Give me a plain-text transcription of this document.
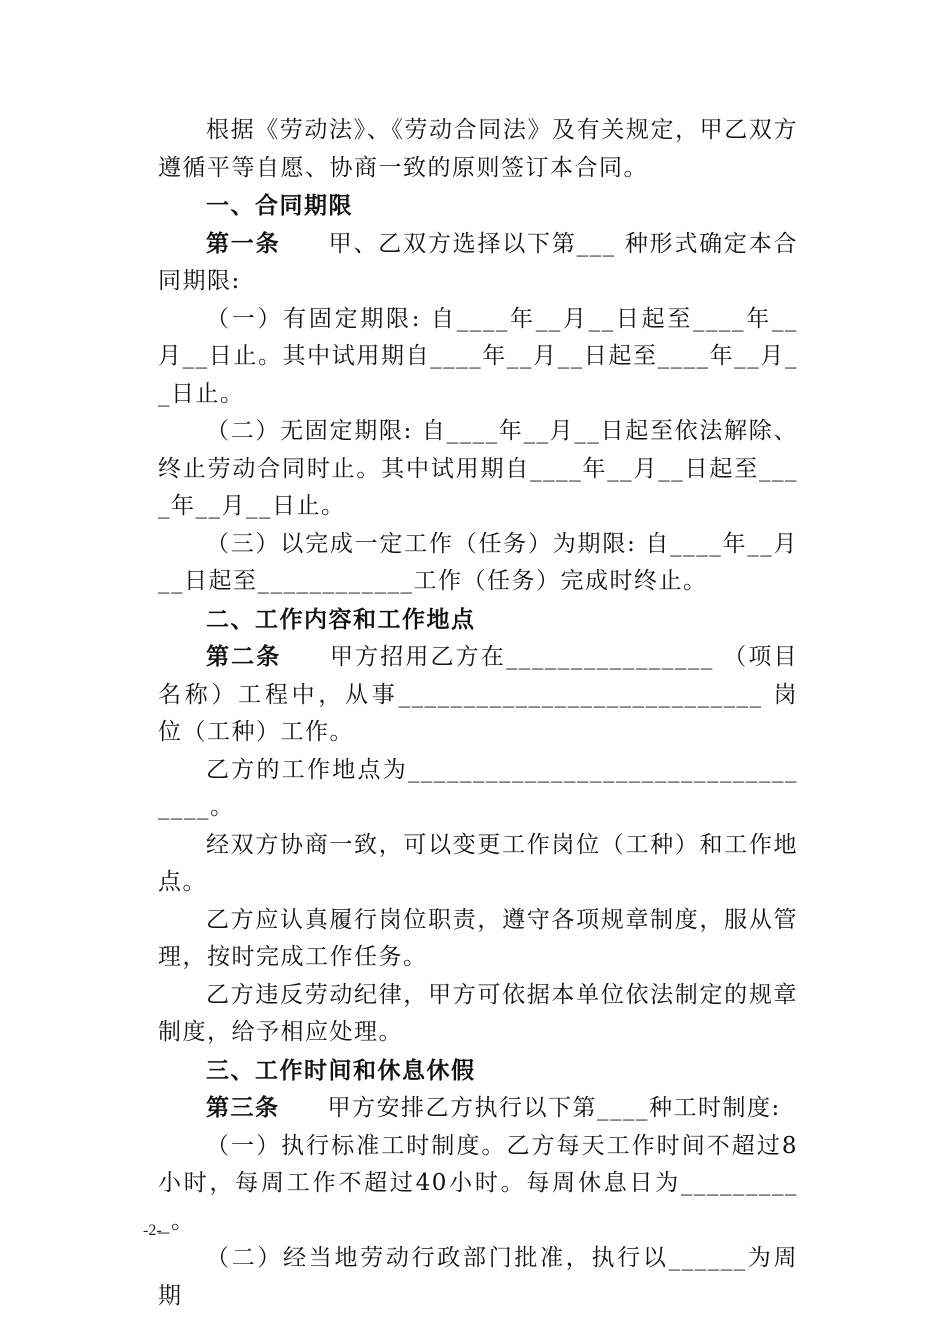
根据《劳动法》、《劳动合同法》及有关规定，甲乙双方遵循平等自愿、协商一致的原则签订本合同。

一、合同期限

第一条 甲、乙双方选择以下第___ 种形式确定本合同期限:

（一）有固定期限: 自____年__月__日起至____年__月__日止。其中试用期自____年__月__日起至____年__月__日止。

（二）无固定期限: 自____年__月__日起至依法解除、终止劳动合同时止。其中试用期自____年__月__日起至____年__月__日止。

（三）以完成一定工作（任务）为期限: 自____年__月__日起至____________工作（任务）完成时终止。

二、工作内容和工作地点

第二条 甲方招用乙方在________________ （项目名称）工程中，从事____________________________ 岗位（工种）工作。

乙方的工作地点为__________________________________。

经双方协商一致，可以变更工作岗位（工种）和工作地点。

乙方应认真履行岗位职责，遵守各项规章制度，服从管理，按时完成工作任务。

乙方违反劳动纪律，甲方可依据本单位依法制定的规章制度，给予相应处理。

三、工作时间和休息休假

第三条 甲方安排乙方执行以下第____种工时制度:

（一）执行标准工时制度。乙方每天工作时间不超过8小时，每周工作不超过40小时。每周休息日为__________。

（二）经当地劳动行政部门批准，执行以______为周期

-2-
